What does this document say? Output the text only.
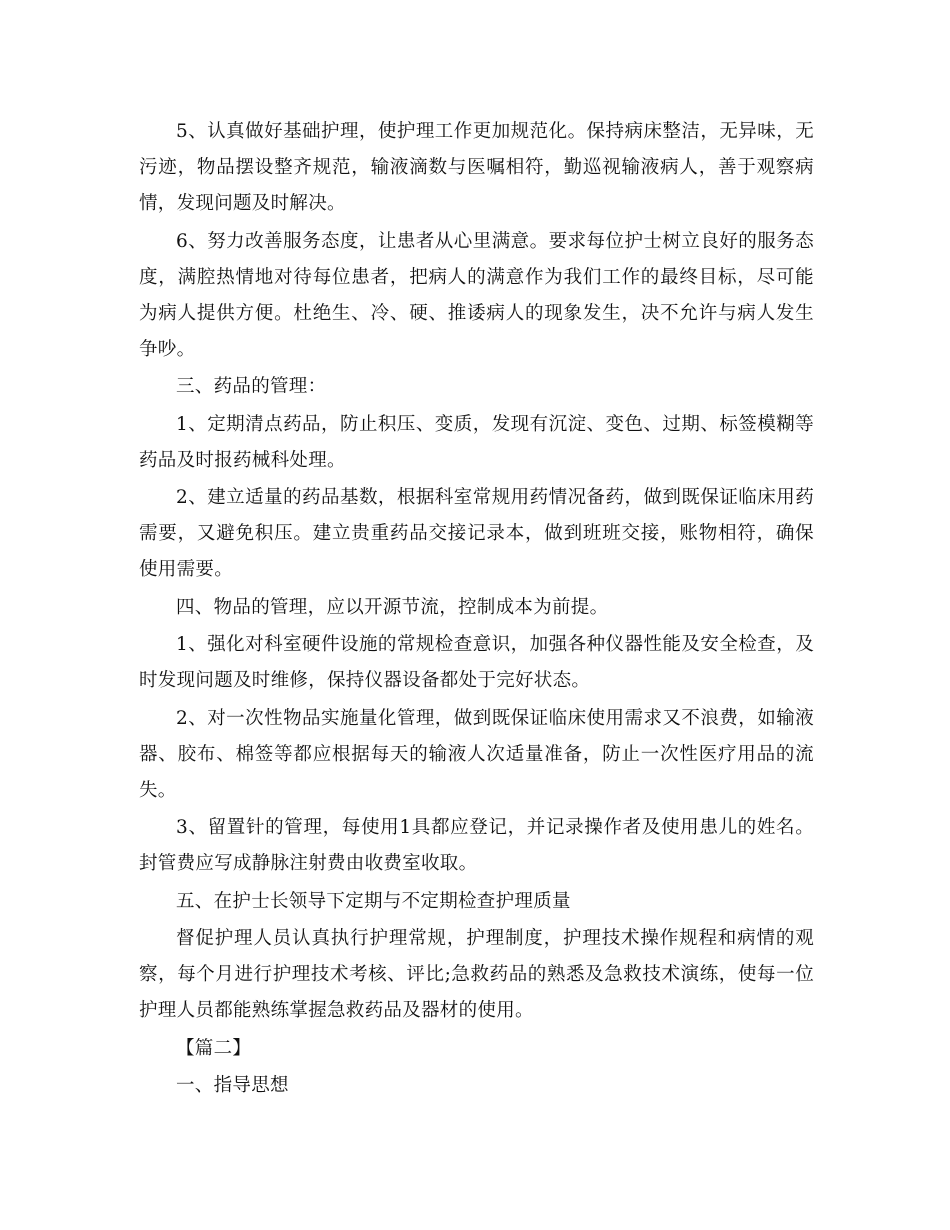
5、认真做好基础护理，使护理工作更加规范化。保持病床整洁，无异味，无污迹，物品摆设整齐规范，输液滴数与医嘱相符，勤巡视输液病人，善于观察病情，发现问题及时解决。

6、努力改善服务态度，让患者从心里满意。要求每位护士树立良好的服务态度，满腔热情地对待每位患者，把病人的满意作为我们工作的最终目标，尽可能为病人提供方便。杜绝生、冷、硬、推诿病人的现象发生，决不允许与病人发生争吵。

三、药品的管理：

1、定期清点药品，防止积压、变质，发现有沉淀、变色、过期、标签模糊等药品及时报药械科处理。

2、建立适量的药品基数，根据科室常规用药情况备药，做到既保证临床用药需要，又避免积压。建立贵重药品交接记录本，做到班班交接，账物相符，确保使用需要。

四、物品的管理，应以开源节流，控制成本为前提。

1、强化对科室硬件设施的常规检查意识，加强各种仪器性能及安全检查，及时发现问题及时维修，保持仪器设备都处于完好状态。

2、对一次性物品实施量化管理，做到既保证临床使用需求又不浪费，如输液器、胶布、棉签等都应根据每天的输液人次适量准备，防止一次性医疗用品的流失。

3、留置针的管理，每使用1具都应登记，并记录操作者及使用患儿的姓名。封管费应写成静脉注射费由收费室收取。

五、在护士长领导下定期与不定期检查护理质量

督促护理人员认真执行护理常规，护理制度，护理技术操作规程和病情的观察，每个月进行护理技术考核、评比;急救药品的熟悉及急救技术演练，使每一位护理人员都能熟练掌握急救药品及器材的使用。

【篇二】

一、指导思想
